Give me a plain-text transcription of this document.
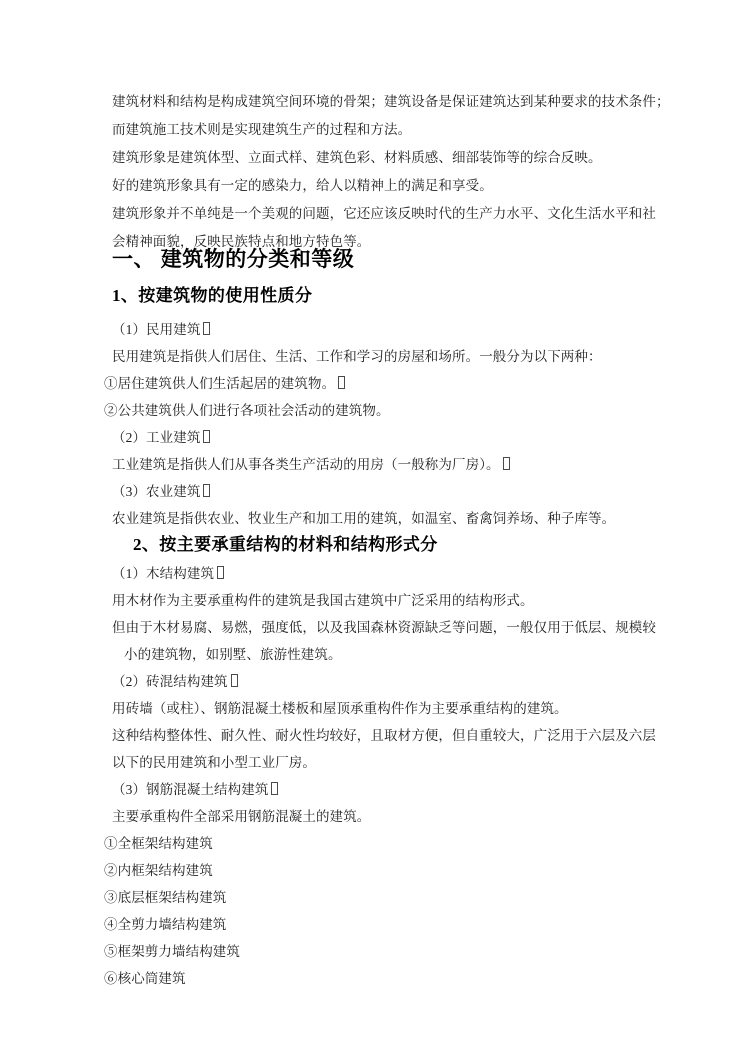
建筑材料和结构是构成建筑空间环境的骨架；建筑设备是保证建筑达到某种要求的技术条件；
而建筑施工技术则是实现建筑生产的过程和方法。
建筑形象是建筑体型、立面式样、建筑色彩、材料质感、细部装饰等的综合反映。
好的建筑形象具有一定的感染力，给人以精神上的满足和享受。
建筑形象并不单纯是一个美观的问题，它还应该反映时代的生产力水平、文化生活水平和社
会精神面貌，反映民族特点和地方特色等。
一、 建筑物的分类和等级
1、按建筑物的使用性质分
（1）民用建筑
民用建筑是指供人们居住、生活、工作和学习的房屋和场所。一般分为以下两种：
①居住建筑供人们生活起居的建筑物。
②公共建筑供人们进行各项社会活动的建筑物。
（2）工业建筑
工业建筑是指供人们从事各类生产活动的用房（一般称为厂房）。
（3）农业建筑
农业建筑是指供农业、牧业生产和加工用的建筑，如温室、畜禽饲养场、种子库等。
2、按主要承重结构的材料和结构形式分
（1）木结构建筑
用木材作为主要承重构件的建筑是我国古建筑中广泛采用的结构形式。
但由于木材易腐、易燃，强度低，以及我国森林资源缺乏等问题，一般仅用于低层、规模较
小的建筑物，如别墅、旅游性建筑。
（2）砖混结构建筑
用砖墙（或柱）、钢筋混凝土楼板和屋顶承重构件作为主要承重结构的建筑。
这种结构整体性、耐久性、耐火性均较好，且取材方便，但自重较大，广泛用于六层及六层
以下的民用建筑和小型工业厂房。
（3）钢筋混凝土结构建筑
主要承重构件全部采用钢筋混凝土的建筑。
①全框架结构建筑
②内框架结构建筑
③底层框架结构建筑
④全剪力墙结构建筑
⑤框架剪力墙结构建筑
⑥核心筒建筑
